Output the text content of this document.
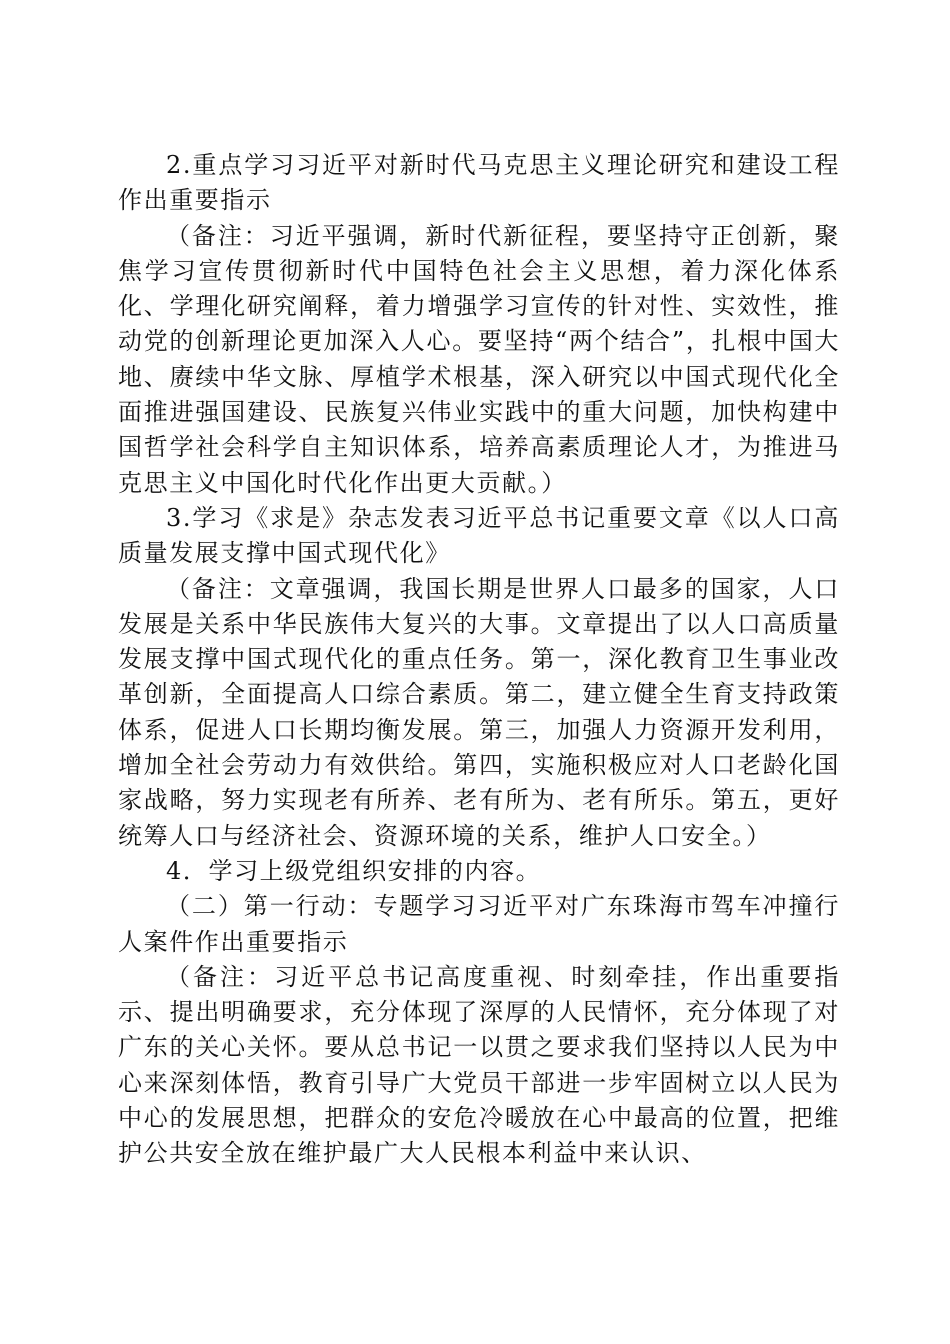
2.重点学习习近平对新时代马克思主义理论研究和建设工程作出重要指示

（备注：习近平强调，新时代新征程，要坚持守正创新，聚焦学习宣传贯彻新时代中国特色社会主义思想，着力深化体系化、学理化研究阐释，着力增强学习宣传的针对性、实效性，推动党的创新理论更加深入人心。要坚持“两个结合”，扎根中国大地、赓续中华文脉、厚植学术根基，深入研究以中国式现代化全面推进强国建设、民族复兴伟业实践中的重大问题，加快构建中国哲学社会科学自主知识体系，培养高素质理论人才，为推进马克思主义中国化时代化作出更大贡献。）

3.学习《求是》杂志发表习近平总书记重要文章《以人口高质量发展支撑中国式现代化》

（备注：文章强调，我国长期是世界人口最多的国家，人口发展是关系中华民族伟大复兴的大事。文章提出了以人口高质量发展支撑中国式现代化的重点任务。第一，深化教育卫生事业改革创新，全面提高人口综合素质。第二，建立健全生育支持政策体系，促进人口长期均衡发展。第三，加强人力资源开发利用，增加全社会劳动力有效供给。第四，实施积极应对人口老龄化国家战略，努力实现老有所养、老有所为、老有所乐。第五，更好统筹人口与经济社会、资源环境的关系，维护人口安全。）

4．学习上级党组织安排的内容。

（二）第一行动：专题学习习近平对广东珠海市驾车冲撞行人案件作出重要指示

（备注：习近平总书记高度重视、时刻牵挂，作出重要指示、提出明确要求，充分体现了深厚的人民情怀，充分体现了对广东的关心关怀。要从总书记一以贯之要求我们坚持以人民为中心来深刻体悟，教育引导广大党员干部进一步牢固树立以人民为中心的发展思想，把群众的安危冷暖放在心中最高的位置，把维护公共安全放在维护最广大人民根本利益中来认识、
